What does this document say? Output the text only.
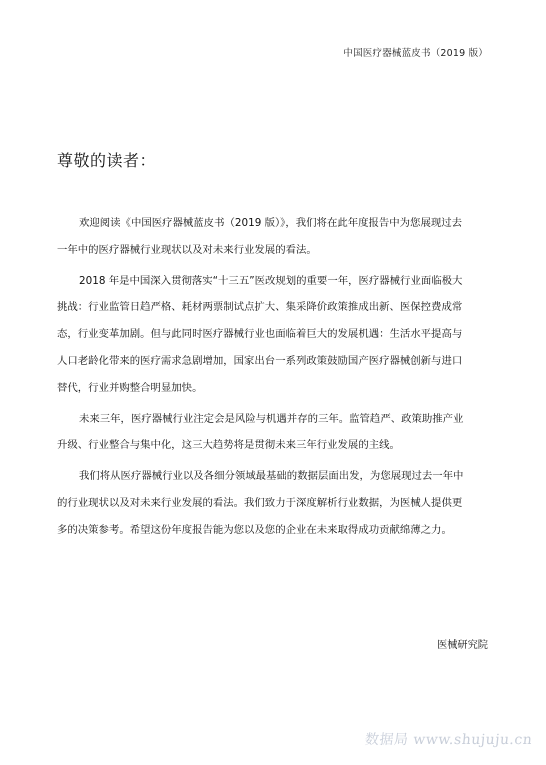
中国医疗器械蓝皮书（2019 版）
尊敬的读者：
欢迎阅读《中国医疗器械蓝皮书（2019 版）》，我们将在此年度报告中为您展现过去
一年中的医疗器械行业现状以及对未来行业发展的看法。
2018 年是中国深入贯彻落实“十三五”医改规划的重要一年，医疗器械行业面临极大
挑战：行业监管日趋严格、耗材两票制试点扩大、集采降价政策推成出新、医保控费成常
态，行业变革加剧。但与此同时医疗器械行业也面临着巨大的发展机遇：生活水平提高与
人口老龄化带来的医疗需求急剧增加，国家出台一系列政策鼓励国产医疗器械创新与进口
替代，行业并购整合明显加快。
未来三年，医疗器械行业注定会是风险与机遇并存的三年。监管趋严、政策助推产业
升级、行业整合与集中化，这三大趋势将是贯彻未来三年行业发展的主线。
我们将从医疗器械行业以及各细分领域最基础的数据层面出发，为您展现过去一年中
的行业现状以及对未来行业发展的看法。我们致力于深度解析行业数据，为医械人提供更
多的决策参考。希望这份年度报告能为您以及您的企业在未来取得成功贡献绵薄之力。
医械研究院
数据局 www.shujuju.cn
